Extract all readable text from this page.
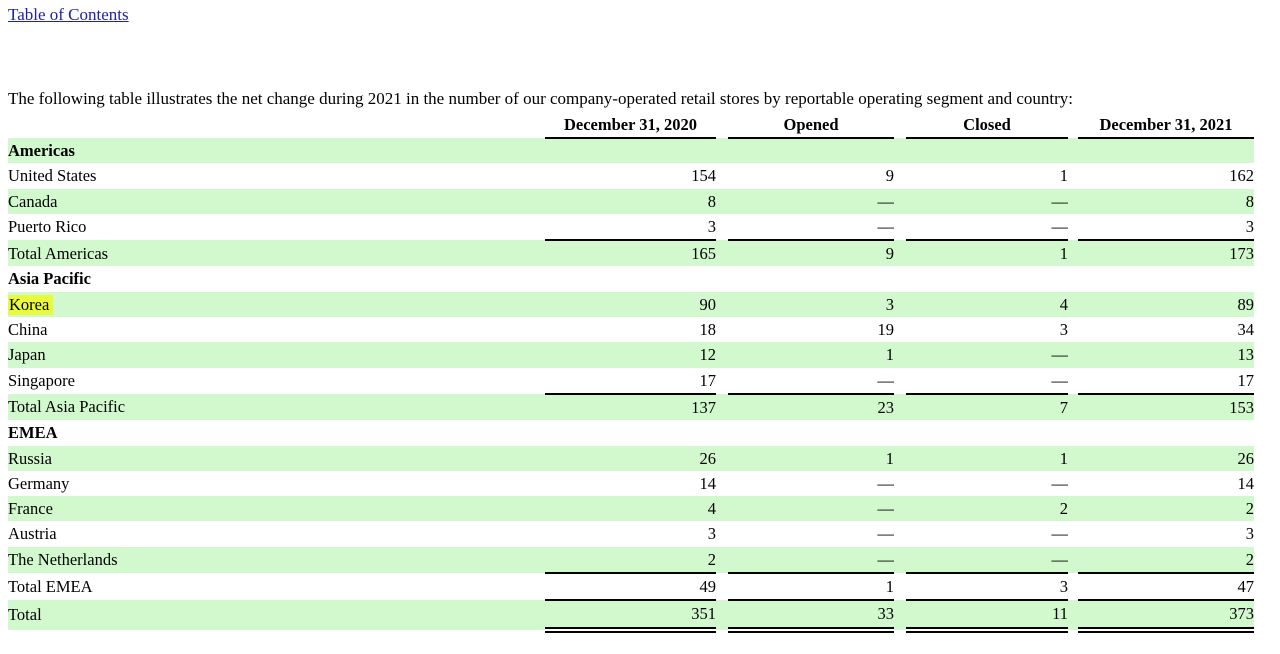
Table of Contents

The following table illustrates the net change during 2021 in the number of our company-operated retail stores by reportable operating segment and country:

		December 31, 2020		Opened		Closed		December 31, 2021
Americas								
United States		154		9		1		162
Canada		8		—		—		8
Puerto Rico		3		—		—		3
Total Americas		165		9		1		173
Asia Pacific								
Korea		90		3		4		89
China		18		19		3		34
Japan		12		1		—		13
Singapore		17		—		—		17
Total Asia Pacific		137		23		7		153
EMEA								
Russia		26		1		1		26
Germany		14		—		—		14
France		4		—		2		2
Austria		3		—		—		3
The Netherlands		2		—		—		2
Total EMEA		49		1		3		47
Total		351		33		11		373
